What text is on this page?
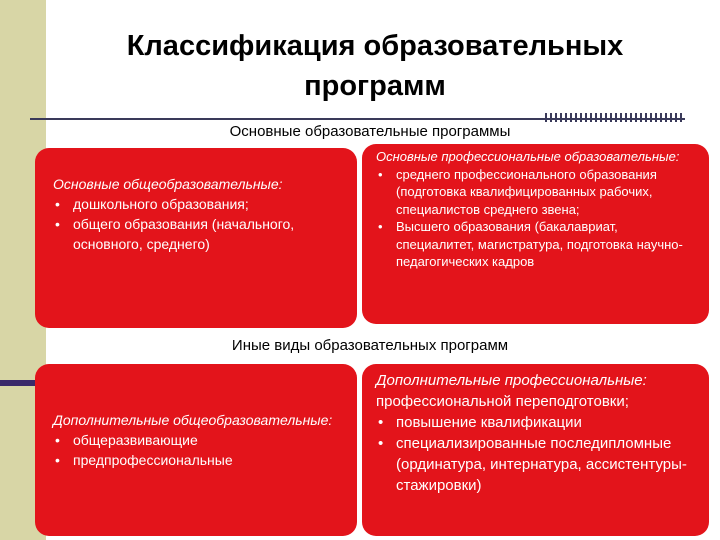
Классификация образовательных программ
Основные образовательные программы
Основные общеобразовательные:
• дошкольного образования;
• общего образования (начального, основного, среднего)
Основные профессиональные образовательные:
• среднего профессионального образования (подготовка квалифицированных рабочих, специалистов среднего звена;
• Высшего образования (бакалавриат, специалитет, магистратура, подготовка научно-педагогических кадров
Иные виды образовательных программ
Дополнительные общеобразовательные:
• общеразвивающие
• предпрофессиональные
Дополнительные профессиональные:
профессиональной переподготовки;
• повышение квалификации
• специализированные последипломные (ординатура, интернатура, ассистентуры-стажировки)
